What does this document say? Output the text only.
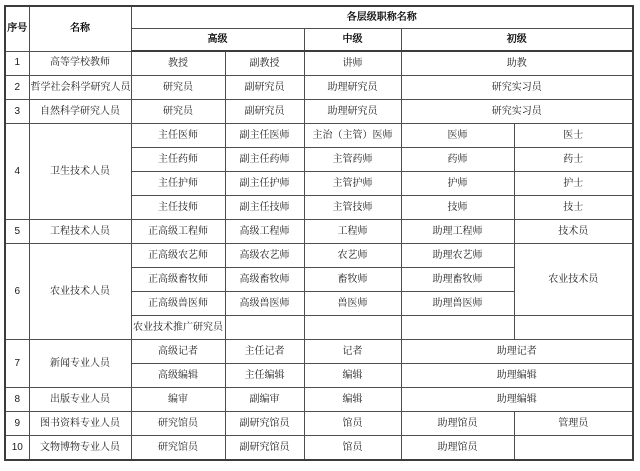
序号	名称	各层级职称名称				
		高级		中级	初级	
1	高等学校教师	教授	副教授	讲师	助教	
2	哲学社会科学研究人员	研究员	副研究员	助理研究员	研究实习员	
3	自然科学研究人员	研究员	副研究员	助理研究员	研究实习员	
4	卫生技术人员	主任医师	副主任医师	主治（主管）医师	医师	医士
		主任药师	副主任药师	主管药师	药师	药士
		主任护师	副主任护师	主管护师	护师	护士
		主任技师	副主任技师	主管技师	技师	技士
5	工程技术人员	正高级工程师	高级工程师	工程师	助理工程师	技术员
6	农业技术人员	正高级农艺师	高级农艺师	农艺师	助理农艺师	农业技术员
		正高级畜牧师	高级畜牧师	畜牧师	助理畜牧师	
		正高级兽医师	高级兽医师	兽医师	助理兽医师	
		农业技术推广研究员				
7	新闻专业人员	高级记者	主任记者	记者	助理记者	
		高级编辑	主任编辑	编辑	助理编辑	
8	出版专业人员	编审	副编审	编辑	助理编辑	
9	图书资料专业人员	研究馆员	副研究馆员	馆员	助理馆员	管理员
10	文物博物专业人员	研究馆员	副研究馆员	馆员	助理馆员	
